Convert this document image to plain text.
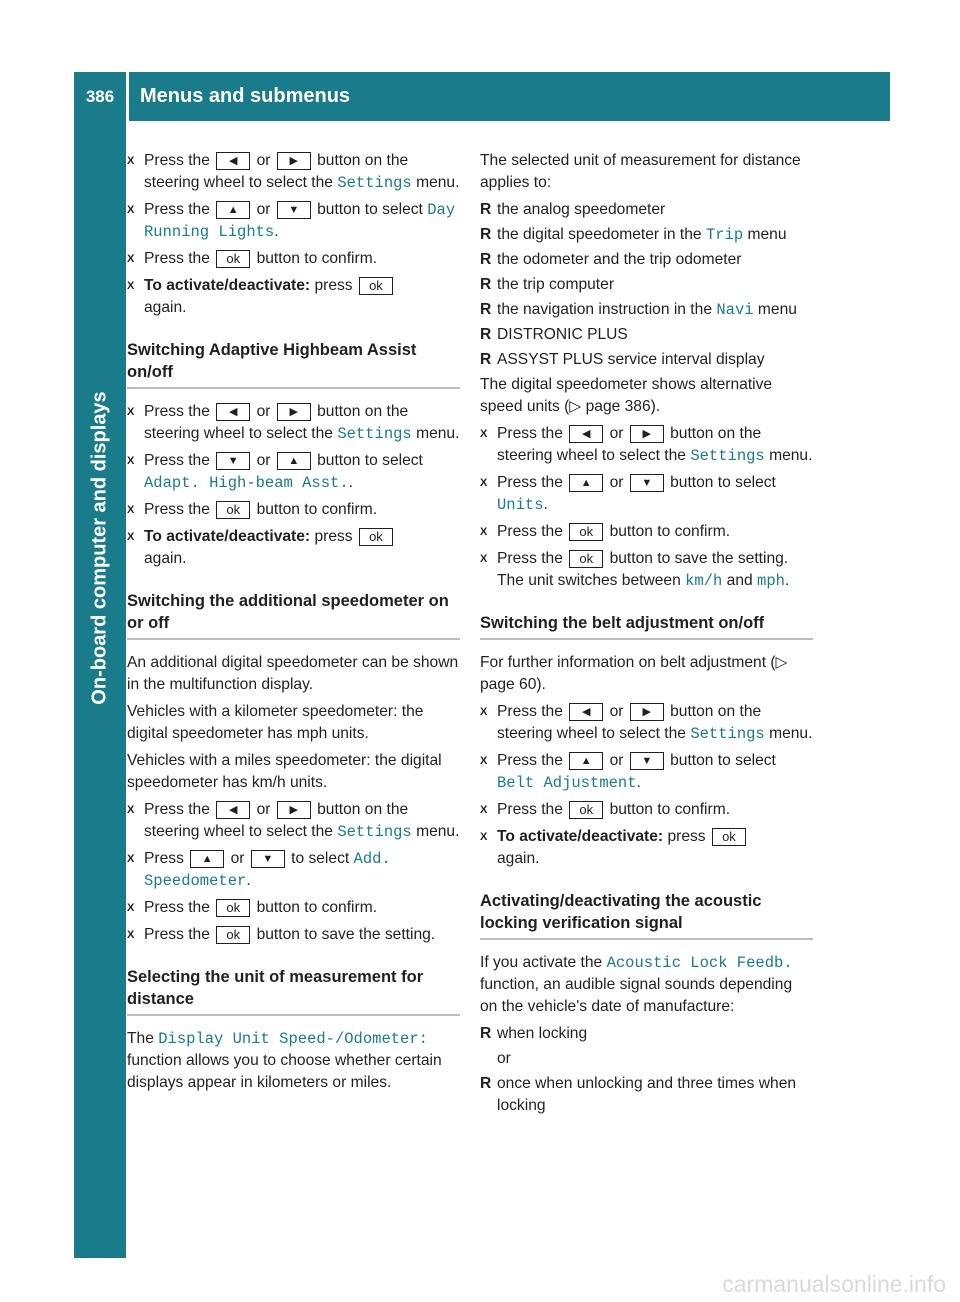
386	Menus and submenus
On-board computer and displays
X Press the ◀ or ▶ button on the steering wheel to select the Settings menu.
X Press the ▲ or ▼ button to select Day Running Lights.
X Press the ok button to confirm.
X To activate/deactivate: press ok
again.
Switching Adaptive Highbeam Assist on/off
X Press the ◀ or ▶ button on the steering wheel to select the Settings menu.
X Press the ▼ or ▲ button to select Adapt. High-beam Asst..
X Press the ok button to confirm.
X To activate/deactivate: press ok
again.
Switching the additional speedometer on or off

An additional digital speedometer can be shown in the multifunction display.

Vehicles with a kilometer speedometer: the digital speedometer has mph units.

Vehicles with a miles speedometer: the digital speedometer has km/h units.

X Press the ◀ or ▶ button on the steering wheel to select the Settings menu.
X Press ▲ or ▼ to select Add. Speedometer.
X Press the ok button to confirm.
X Press the ok button to save the setting.
Selecting the unit of measurement for distance

The Display Unit Speed-/Odometer: function allows you to choose whether certain displays appear in kilometers or miles.

The selected unit of measurement for distance applies to:

R the analog speedometer
R the digital speedometer in the Trip menu
R the odometer and the trip odometer
R the trip computer
R the navigation instruction in the Navi menu
R DISTRONIC PLUS
R ASSYST PLUS service interval display

The digital speedometer shows alternative speed units (▷ page 386).

X Press the ◀ or ▶ button on the steering wheel to select the Settings menu.
X Press the ▲ or ▼ button to select Units.
X Press the ok button to confirm.
X Press the ok button to save the setting. The unit switches between km/h and mph.
Switching the belt adjustment on/off

For further information on belt adjustment (▷ page 60).

X Press the ◀ or ▶ button on the steering wheel to select the Settings menu.
X Press the ▲ or ▼ button to select Belt Adjustment.
X Press the ok button to confirm.
X To activate/deactivate: press ok
again.
Activating/deactivating the acoustic locking verification signal

If you activate the Acoustic Lock Feedb. function, an audible signal sounds depending on the vehicle's date of manufacture:

R when locking
or
R once when unlocking and three times when locking
carmanualsonline.info
